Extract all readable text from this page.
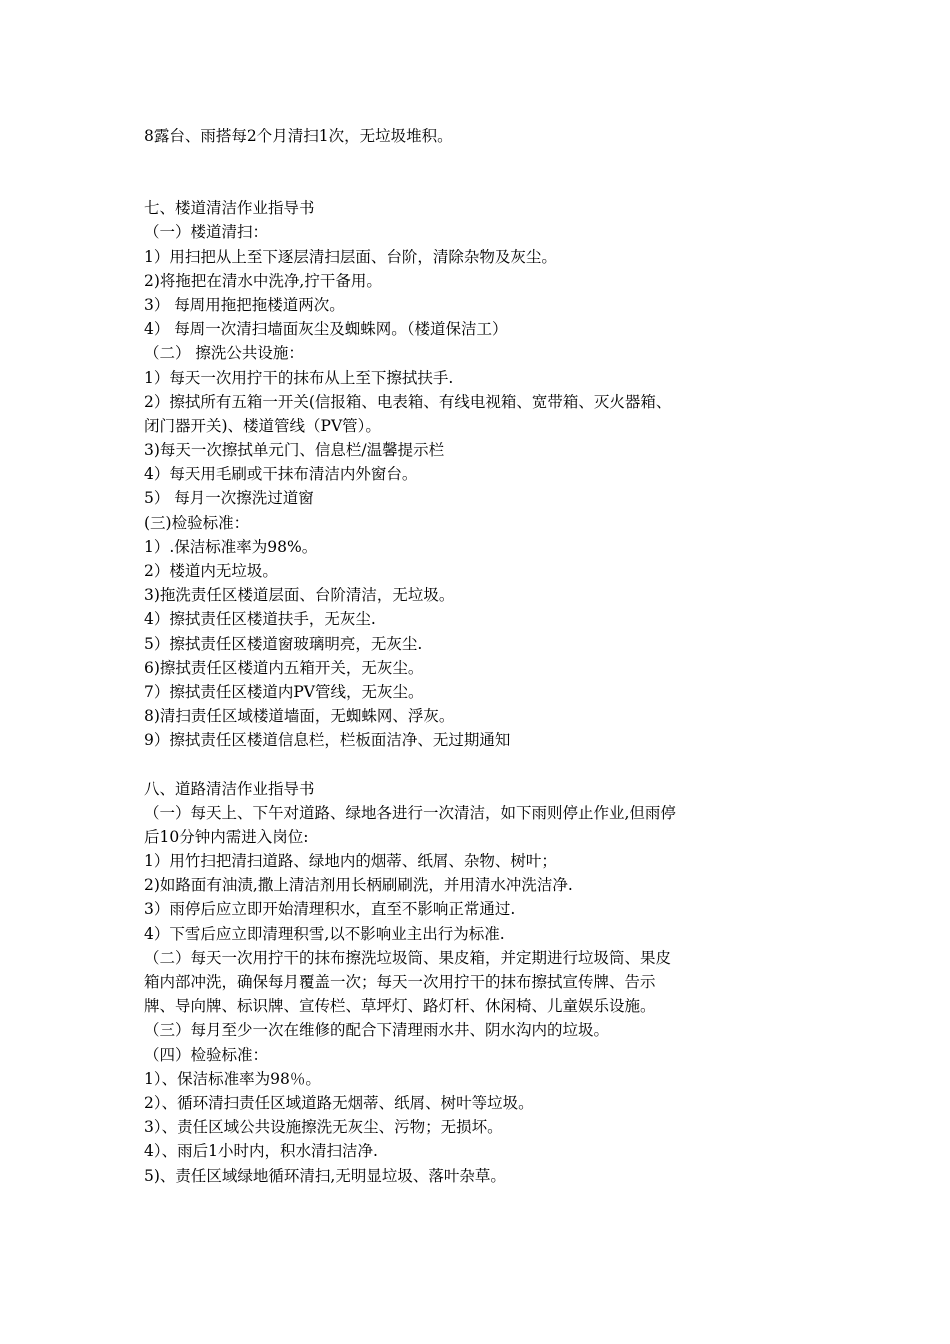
8露台、雨搭每2个月清扫1次，无垃圾堆积。
七、楼道清洁作业指导书
（一）楼道清扫：
1）用扫把从上至下逐层清扫层面、台阶，清除杂物及灰尘。
2)将拖把在清水中洗净,拧干备用。
3） 每周用拖把拖楼道两次。
4） 每周一次清扫墙面灰尘及蜘蛛网。（楼道保洁工）
（二） 擦洗公共设施：
1）每天一次用拧干的抹布从上至下擦拭扶手.
2）擦拭所有五箱一开关(信报箱、电表箱、有线电视箱、宽带箱、灭火器箱、
闭门器开关)、楼道管线（PV管）。
3)每天一次擦拭单元门、信息栏/温馨提示栏
4）每天用毛刷或干抹布清洁内外窗台。
5） 每月一次擦洗过道窗
(三)检验标准：
1）.保洁标准率为98%。
2）楼道内无垃圾。
3)拖洗责任区楼道层面、台阶清洁，无垃圾。
4）擦拭责任区楼道扶手，无灰尘.
5）擦拭责任区楼道窗玻璃明亮，无灰尘.
6)擦拭责任区楼道内五箱开关，无灰尘。
7）擦拭责任区楼道内PV管线，无灰尘。
8)清扫责任区域楼道墙面，无蜘蛛网、浮灰。
9）擦拭责任区楼道信息栏，栏板面洁净、无过期通知
八、道路清洁作业指导书
（一）每天上、下午对道路、绿地各进行一次清洁，如下雨则停止作业,但雨停
后10分钟内需进入岗位:
1）用竹扫把清扫道路、绿地内的烟蒂、纸屑、杂物、树叶；
2)如路面有油渍,撒上清洁剂用长柄刷刷洗，并用清水冲洗洁净.
3）雨停后应立即开始清理积水，直至不影响正常通过.
4）下雪后应立即清理积雪,以不影响业主出行为标准.
（二）每天一次用拧干的抹布擦洗垃圾筒、果皮箱，并定期进行垃圾筒、果皮
箱内部冲洗，确保每月覆盖一次；每天一次用拧干的抹布擦拭宣传牌、告示
牌、导向牌、标识牌、宣传栏、草坪灯、路灯杆、休闲椅、儿童娱乐设施。
（三）每月至少一次在维修的配合下清理雨水井、阴水沟内的垃圾。
（四）检验标准：
1）、保洁标准率为98％。
2）、循环清扫责任区域道路无烟蒂、纸屑、树叶等垃圾。
3）、责任区域公共设施擦洗无灰尘、污物；无损坏。
4）、雨后1小时内，积水清扫洁净.
5)、责任区域绿地循环清扫,无明显垃圾、落叶杂草。
